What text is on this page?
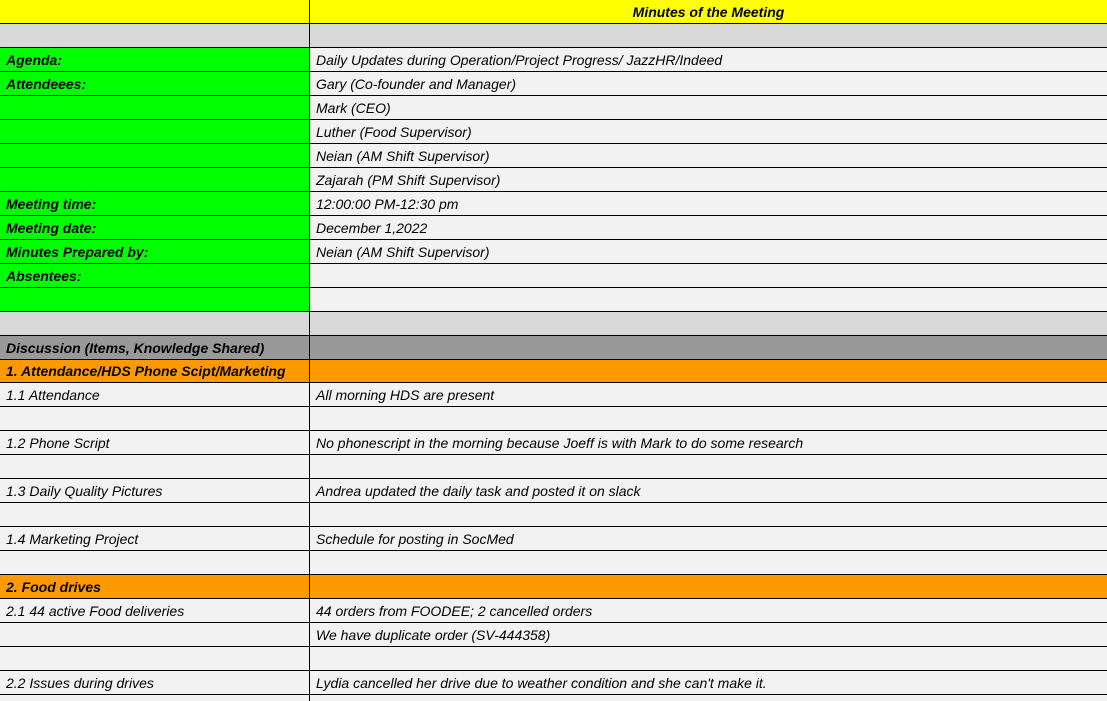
Minutes of the Meeting
Agenda:	Daily Updates during Operation/Project Progress/ JazzHR/Indeed
Attendeees:	Gary (Co-founder and Manager)
Mark (CEO)
Luther (Food Supervisor)
Neian (AM Shift Supervisor)
Zajarah (PM Shift Supervisor)
Meeting time:	12:00:00 PM-12:30 pm
Meeting date:	December 1,2022
Minutes Prepared by:	Neian (AM Shift Supervisor)
Absentees:
Discussion (Items, Knowledge Shared)
1. Attendance/HDS Phone Scipt/Marketing
1.1 Attendance	All morning HDS are present
1.2 Phone Script	No phonescript in the morning because Joeff is with Mark to do some research
1.3 Daily Quality Pictures	Andrea updated the daily task and posted it on slack
1.4 Marketing Project	Schedule for posting in SocMed
2. Food drives
2.1 44 active Food deliveries	44 orders from FOODEE; 2 cancelled orders
We have duplicate order (SV-444358)
2.2 Issues during drives	Lydia cancelled her drive due to weather condition and she can't make it.
